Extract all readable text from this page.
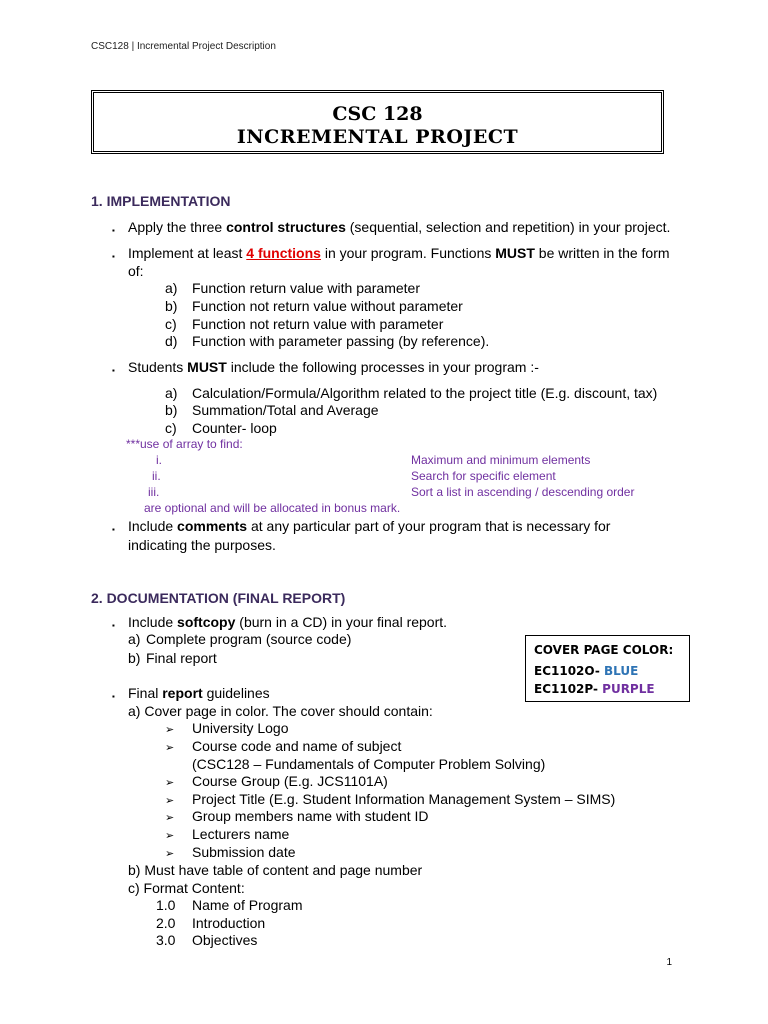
CSC128 | Incremental Project Description
CSC 128
INCREMENTAL PROJECT
1. IMPLEMENTATION
▪ Apply the three control structures (sequential, selection and repetition) in your project.
▪ Implement at least 4 functions in your program. Functions MUST be written in the form
of:
a) Function return value with parameter
b) Function not return value without parameter
c) Function not return value with parameter
d) Function with parameter passing (by reference).
▪ Students MUST include the following processes in your program :-
a) Calculation/Formula/Algorithm related to the project title (E.g. discount, tax)
b) Summation/Total and Average
c) Counter- loop
***use of array to find:
i.	Maximum and minimum elements
ii.	Search for specific element
iii.	Sort a list in ascending / descending order
are optional and will be allocated in bonus mark.
▪ Include comments at any particular part of your program that is necessary for
indicating the purposes.
2. DOCUMENTATION (FINAL REPORT)
▪ Include softcopy (burn in a CD) in your final report.
a) Complete program (source code)
b) Final report
▪ Final report guidelines
a) Cover page in color. The cover should contain:
➢ University Logo
➢ Course code and name of subject
(CSC128 – Fundamentals of Computer Problem Solving)
➢ Course Group (E.g. JCS1101A)
➢ Project Title (E.g. Student Information Management System – SIMS)
➢ Group members name with student ID
➢ Lecturers name
➢ Submission date
b) Must have table of content and page number
c) Format Content:
1.0 Name of Program
2.0 Introduction
3.0 Objectives
COVER PAGE COLOR:
EC1102O- BLUE
EC1102P- PURPLE
1
